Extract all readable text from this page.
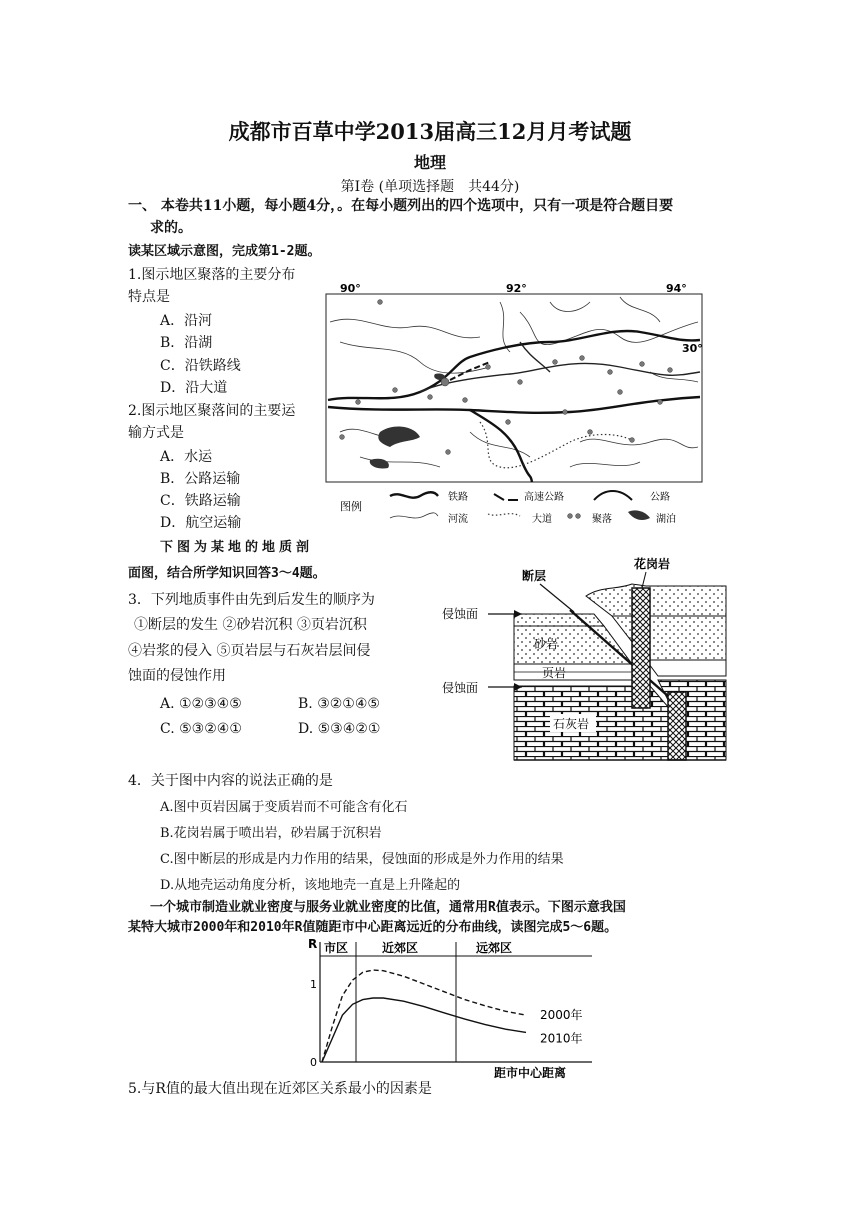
成都市百草中学2013届高三12月月考试题
地理
第Ⅰ卷 (单项选择题　共44分)
一、 本卷共11小题，每小题4分，。在每小题列出的四个选项中，只有一项是符合题目要
求的。
读某区域示意图，完成第1-2题。
1.图示地区聚落的主要分布
特点是
A．沿河
B．沿湖
C．沿铁路线
D．沿大道
2.图示地区聚落间的主要运
输方式是
A．水运
B．公路运输
C．铁路运输
D．航空运输
90°	92°	94°
30°
图例
铁路	高速公路	公路
河流	大道	聚落	湖泊
下图为某地的地质剖
面图，结合所学知识回答3～4题。
3．下列地质事件由先到后发生的顺序为
①断层的发生 ②砂岩沉积 ③页岩沉积
④岩浆的侵入 ⑤页岩层与石灰岩层间侵
蚀面的侵蚀作用
A. ①②③④⑤	B. ③②①④⑤
C. ⑤③②④①	D. ⑤③④②①
花岗岩
断层
侵蚀面
砂岩
页岩
侵蚀面
石灰岩
4．关于图中内容的说法正确的是
A.图中页岩因属于变质岩而不可能含有化石
B.花岗岩属于喷出岩，砂岩属于沉积岩
C.图中断层的形成是内力作用的结果，侵蚀面的形成是外力作用的结果
D.从地壳运动角度分析，该地地壳一直是上升隆起的
一个城市制造业就业密度与服务业就业密度的比值，通常用R值表示。下图示意我国
某特大城市2000年和2010年R值随距市中心距离远近的分布曲线，读图完成5～6题。
R 市区	近郊区	远郊区
1
0
距市中心距离
2000年
2010年
5.与R值的最大值出现在近郊区关系最小的因素是
